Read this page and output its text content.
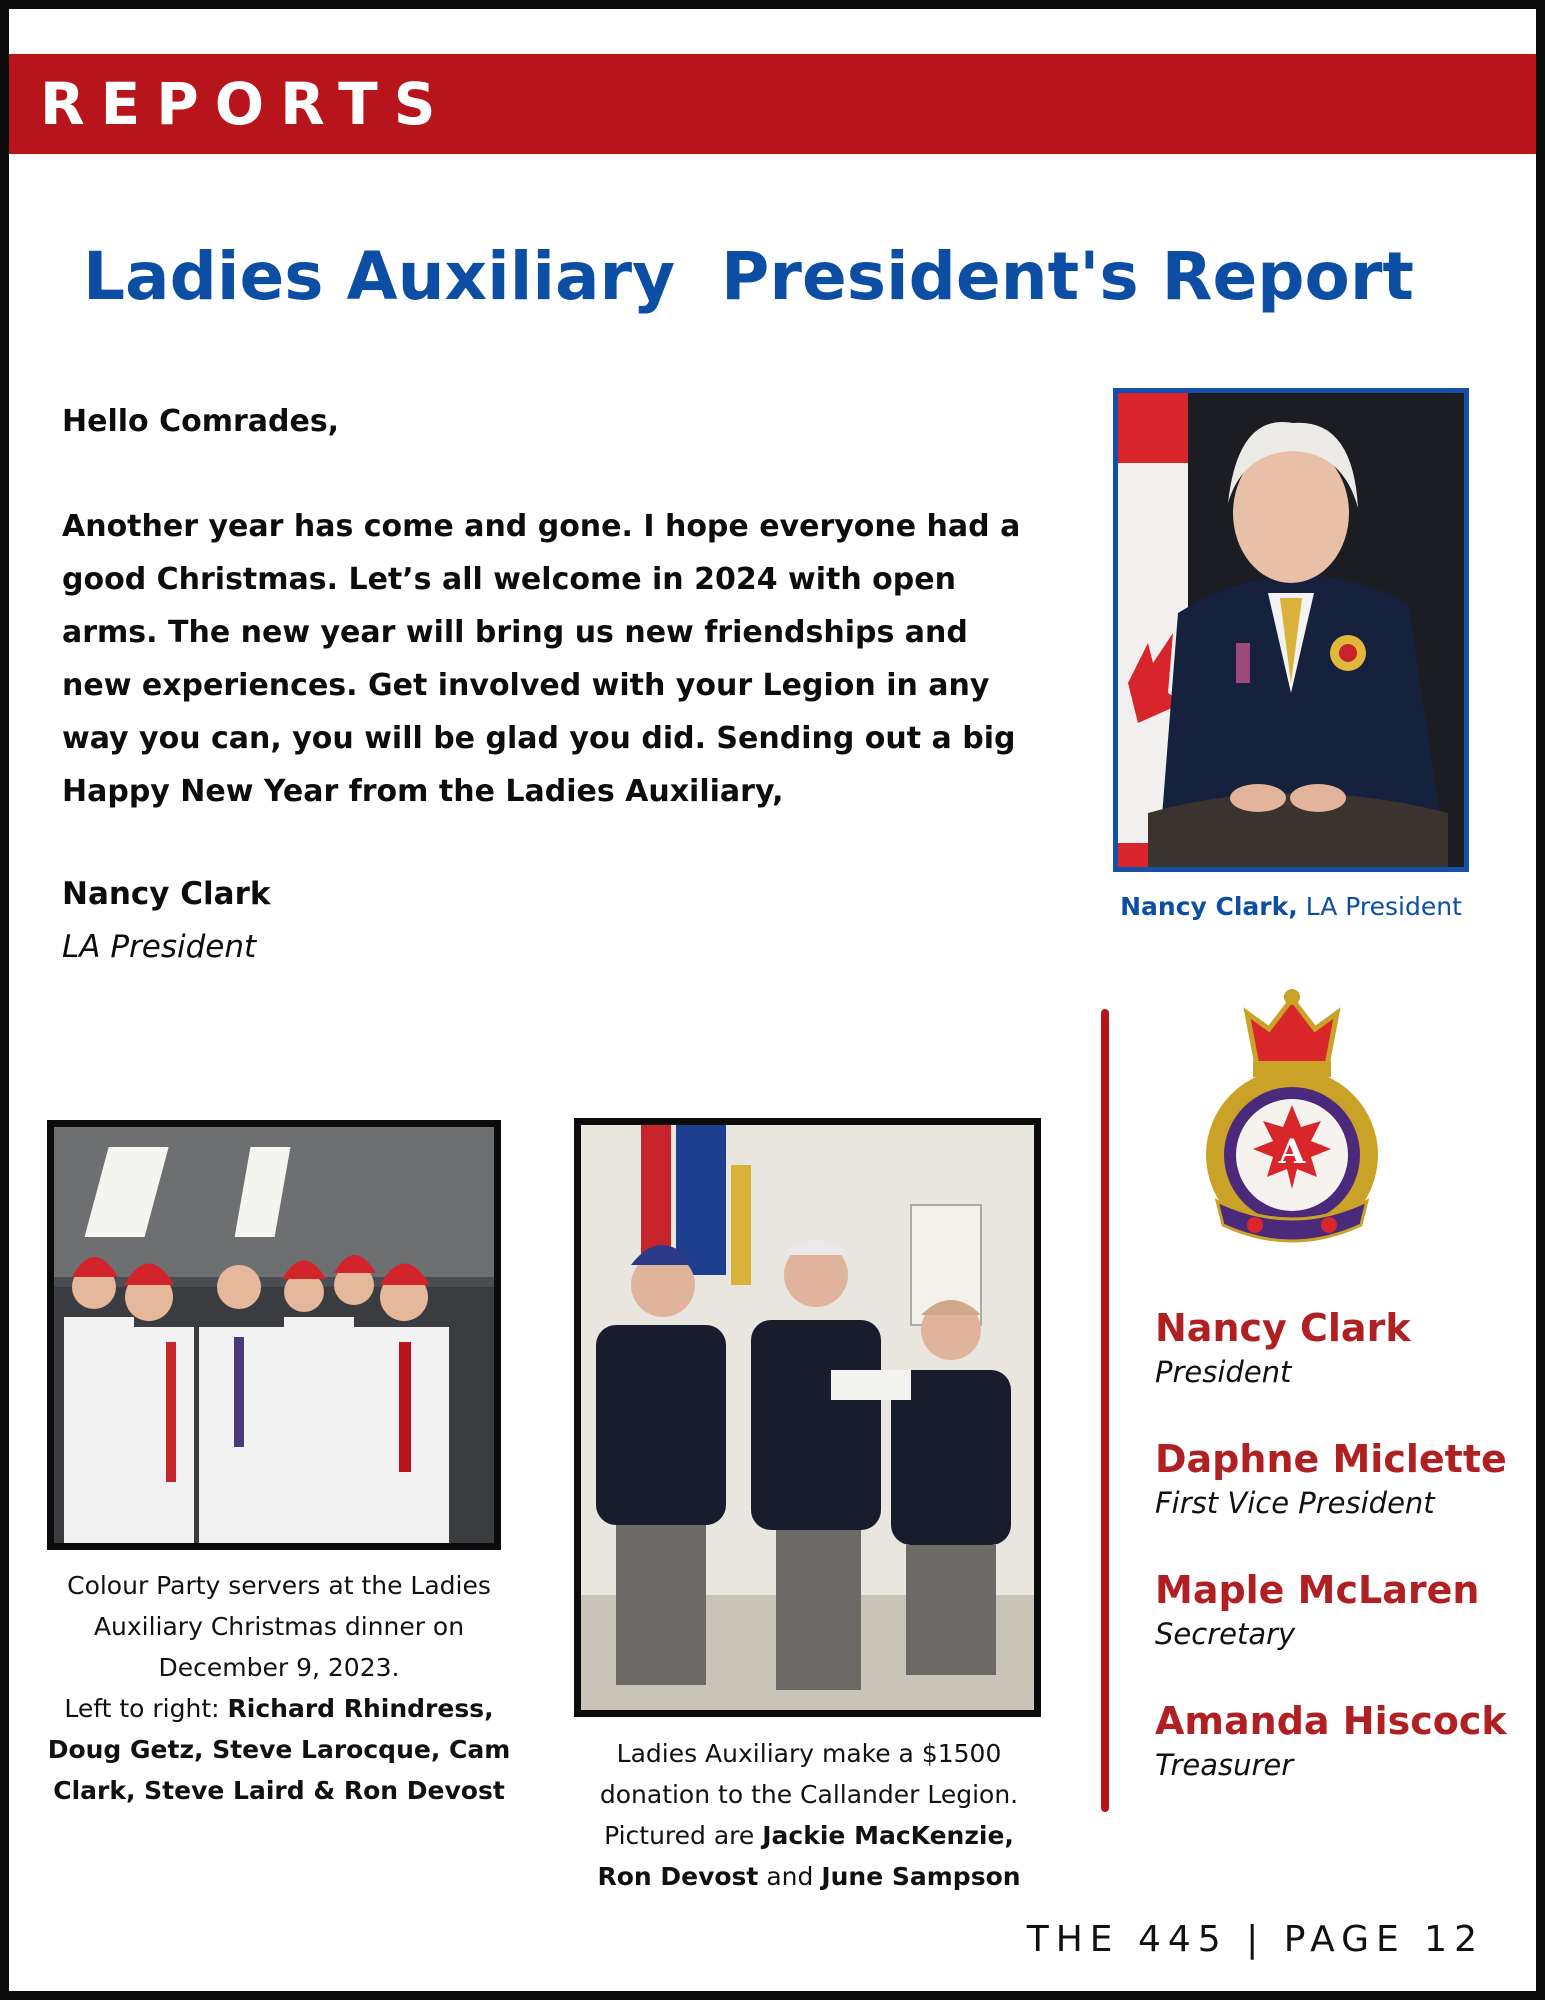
REPORTS
Ladies Auxiliary  President's Report

Hello Comrades,

Another year has come and gone. I hope everyone had a good Christmas. Let’s all welcome in 2024 with open arms. The new year will bring us new friendships and new experiences. Get involved with your Legion in any way you can, you will be glad you did. Sending out a big Happy New Year from the Ladies Auxiliary,

Nancy Clark

LA President

Nancy Clark, LA President
A
Nancy Clark
President
Daphne Miclette
First Vice President
Maple McLaren
Secretary
Amanda Hiscock
Treasurer
Colour Party servers at the Ladies
Auxiliary Christmas dinner on
December 9, 2023.
Left to right: Richard Rhindress,
Doug Getz, Steve Larocque, Cam
Clark, Steve Laird & Ron Devost
Ladies Auxiliary make a $1500
donation to the Callander Legion.
Pictured are Jackie MacKenzie,
Ron Devost and June Sampson
THE 445 | PAGE 12
